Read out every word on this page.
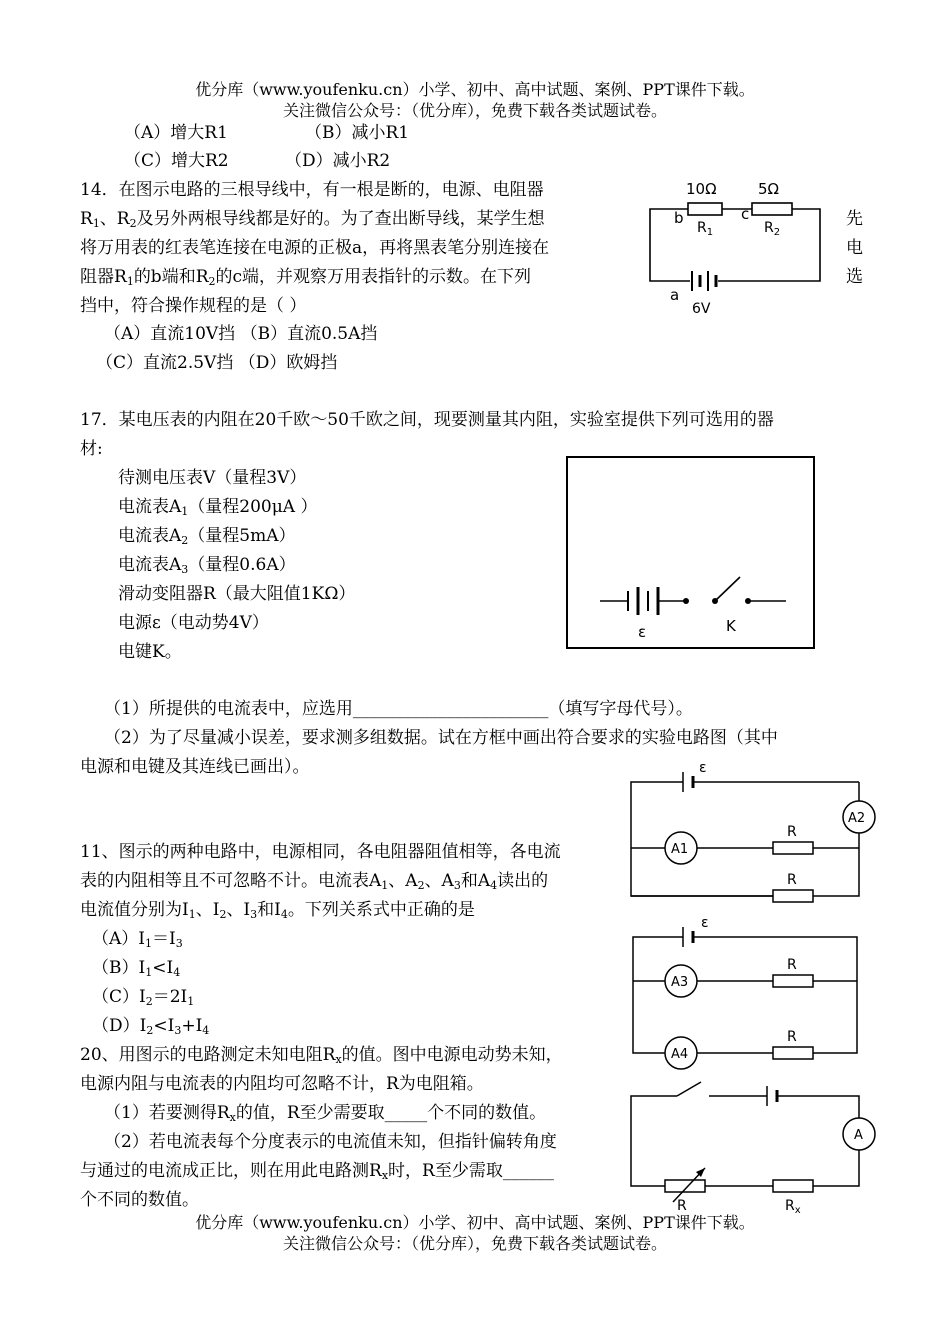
优分库（www.youfenku.cn）小学、初中、高中试题、案例、PPT课件下载。
关注微信公众号：（优分库），免费下载各类试题试卷。
（A）增大R1	（B）减小R1
（C）增大R2	（D）减小R2
14．在图示电路的三根导线中，有一根是断的，电源、电阻器
$R_1$、$R_2$及另外两根导线都是好的。为了查出断导线，某学生想
将万用表的红表笔连接在电源的正极a，再将黑表笔分别连接在
阻器$R_1$的b端和$R_2$的c端，并观察万用表指针的示数。在下列
挡中，符合操作规程的是（ ）
（A）直流10V挡 （B）直流0.5A挡
（C）直流2.5V挡 （D）欧姆挡
先
电
选
10Ω	5Ω
b	c
$R_1$	$R_2$
a
6V
17．某电压表的内阻在20千欧～50千欧之间，现要测量其内阻，实验室提供下列可选用的器
材:
待测电压表V（量程3V）
电流表$A_1$（量程200μA ）
电流表$A_2$（量程5mA）
电流表$A_3$（量程0.6A）
滑动变阻器R（最大阻值1KΩ）
电源ε（电动势4V）
电键K。
（1）所提供的电流表中，应选用_______________________（填写字母代号）。
（2）为了尽量减小误差，要求测多组数据。试在方框中画出符合要求的实验电路图（其中
电源和电键及其连线已画出）。
ε	K
11、图示的两种电路中，电源相同，各电阻器阻值相等，各电流
表的内阻相等且不可忽略不计。电流表$A_1$、$A_2$、$A_3$和$A_4$读出的
电流值分别为$I_1$、$I_2$、$I_3$和$I_4$。下列关系式中正确的是
$(A)I_1=I_3$
$(B)I_1<I_4$
$(C)I_2=2I_1$
$(D)I_2<I_3+I_4$
ε
R
R
A1
A2
ε
R
R
A3
A4
20、用图示的电路测定未知电阻$R_x$的值。图中电源电动势未知，
电源内阻与电流表的内阻均可忽略不计，R为电阻箱。
（1）若要测得$R_x$的值，R至少需要取_____个不同的数值。
（2）若电流表每个分度表示的电流值未知，但指针偏转角度
与通过的电流成正比，则在用此电路测$R_x$时，R至少需取______
个不同的数值。
A
R	$R_x$
优分库（www.youfenku.cn）小学、初中、高中试题、案例、PPT课件下载。
关注微信公众号：（优分库），免费下载各类试题试卷。
